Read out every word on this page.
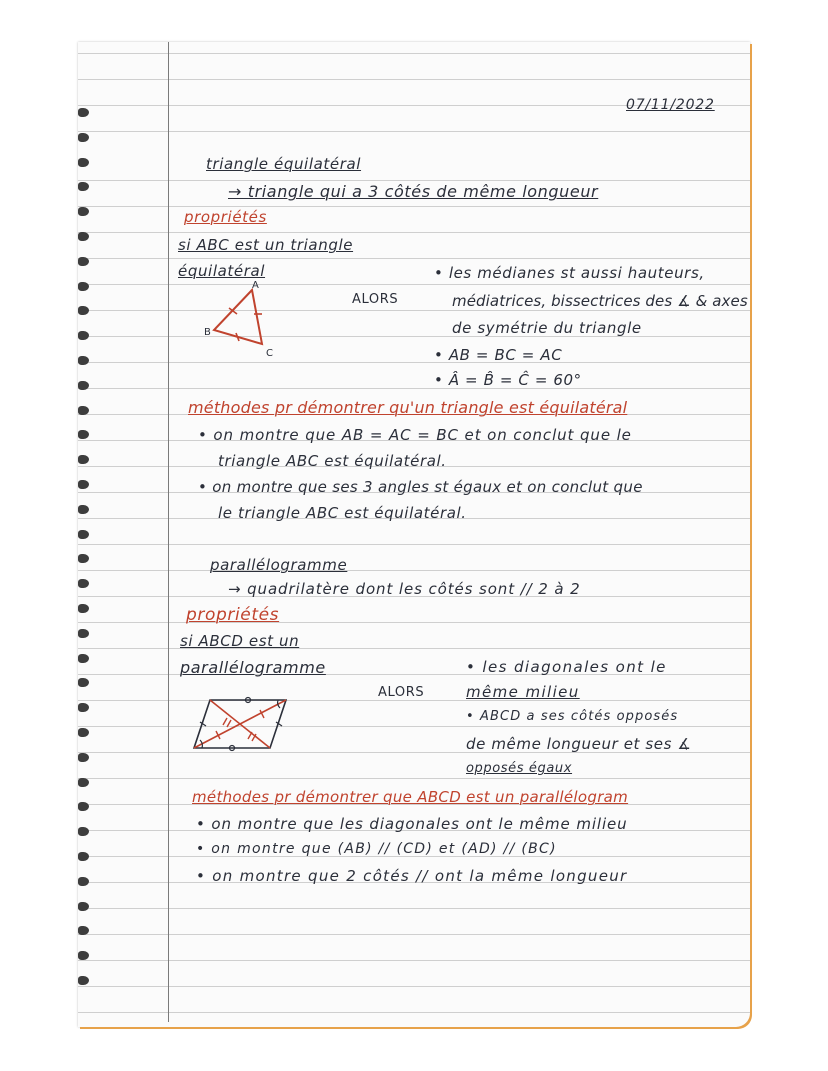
07/11/2022

triangle équilatéral

→ triangle qui a 3 côtés de même longueur

propriétés

si ABC est un triangle

équilatéral

ALORS

A
B
C

• les médianes st aussi hauteurs,

médiatrices, bissectrices des ∡ & axes

de symétrie du triangle

• AB = BC = AC

• Â = B̂ = Ĉ = 60°

méthodes pr démontrer qu'un triangle est équilatéral

• on montre que AB = AC = BC et on conclut que le

triangle ABC est équilatéral.

• on montre que ses 3 angles st égaux et on conclut que

le triangle ABC est équilatéral.

parallélogramme

→ quadrilatère dont les côtés sont // 2 à 2

propriétés

si ABCD est un

parallélogramme

ALORS

• les diagonales ont le

même milieu

• ABCD a ses côtés opposés

de même longueur et ses ∡

opposés égaux

méthodes pr démontrer que ABCD est un parallélogram

• on montre que les diagonales ont le même milieu

• on montre que (AB) // (CD) et (AD) // (BC)

• on montre que 2 côtés // ont la même longueur
